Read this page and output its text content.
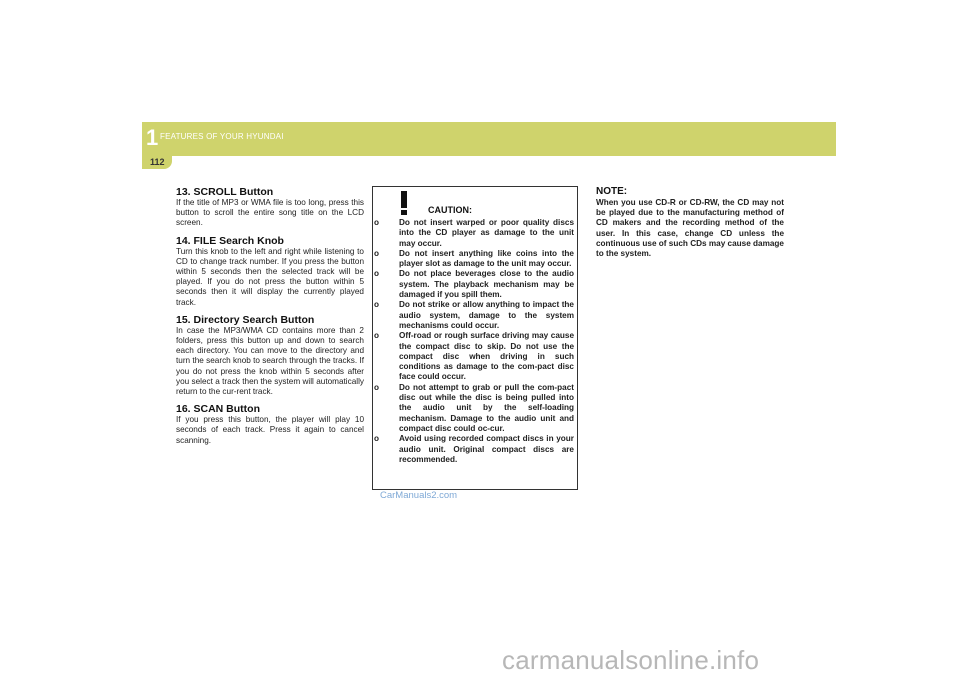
1 FEATURES OF YOUR HYUNDAI
112
13. SCROLL Button

If the title of MP3 or WMA file is too long, press this button to scroll the entire song title on the LCD screen.

14. FILE Search Knob

Turn this knob to the left and right while listening to CD to change track number. If you press the button within 5 seconds then the selected track will be played. If you do not press the button within 5 seconds then it will display the currently played track.

15. Directory Search Button

In case the MP3/WMA CD contains more than 2 folders, press this button up and down to search each directory. You can move to the directory and turn the search knob to search through the tracks. If you do not press the knob within 5 seconds after you select a track then the system will automatically return to the cur-rent track.

16. SCAN Button

If you press this button, the player will play 10 seconds of each track. Press it again to cancel scanning.

CAUTION:
o Do not insert warped or poor quality discs into the CD player as damage to the unit may occur.
o Do not insert anything like coins into the player slot as damage to the unit may occur.
o Do not place beverages close to the audio system. The playback mechanism may be damaged if you spill them.
o Do not strike or allow anything to impact the audio system, damage to the system mechanisms could occur.
o Off-road or rough surface driving may cause the compact disc to skip. Do not use the compact disc when driving in such conditions as damage to the com-pact disc face could occur.
o Do not attempt to grab or pull the com-pact disc out while the disc is being pulled into the audio unit by the self-loading mechanism. Damage to the audio unit and compact disc could oc-cur.
o Avoid using recorded compact discs in your audio unit. Original compact discs are recommended.
CarManuals2.com
NOTE:

When you use CD-R or CD-RW, the CD may not be played due to the manufacturing method of CD makers and the recording method of the user. In this case, change CD unless the continuous use of such CDs may cause damage to the system.

carmanualsonline.info
